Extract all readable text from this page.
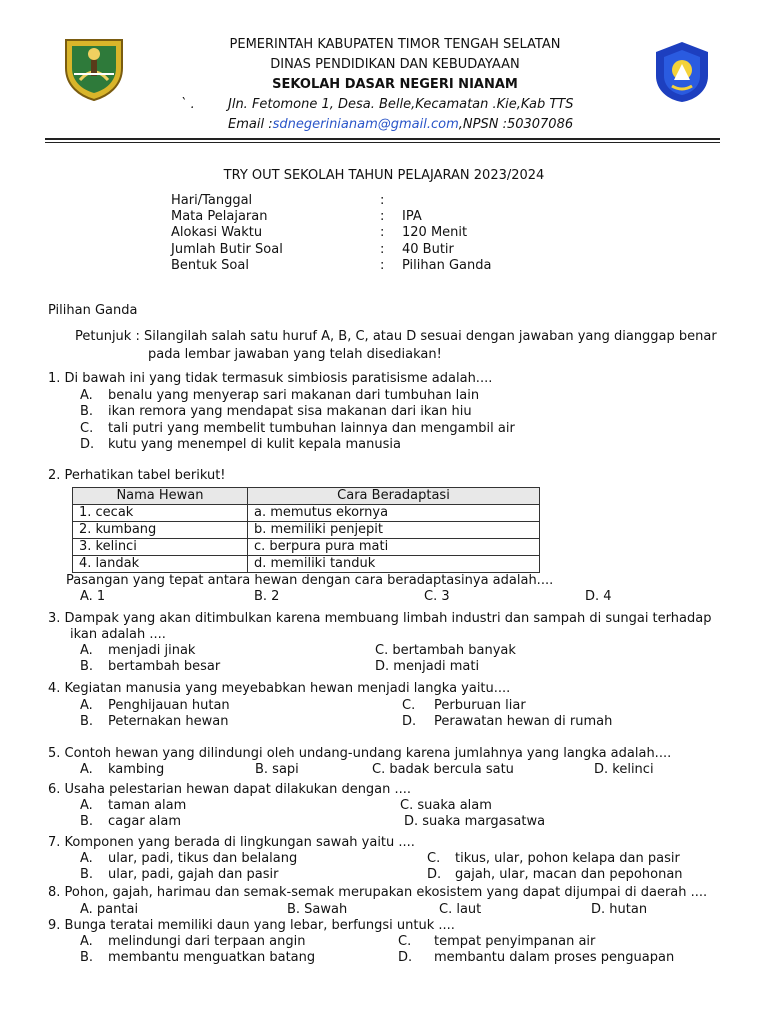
PEMERINTAH KABUPATEN TIMOR TENGAH SELATAN
DINAS PENDIDIKAN DAN KEBUDAYAAN
SEKOLAH DASAR NEGERI NIANAM
` .	Jln. Fetomone 1, Desa. Belle,Kecamatan .Kie,Kab TTS
Email :sdnegerinianam@gmail.com,NPSN :50307086
TRY OUT SEKOLAH TAHUN PELAJARAN 2023/2024
Hari/Tanggal	:
Mata Pelajaran	: IPA
Alokasi Waktu	: 120 Menit
Jumlah Butir Soal	: 40 Butir
Bentuk Soal	: Pilihan Ganda
Pilihan Ganda
Petunjuk : Silangilah salah satu huruf A, B, C, atau D sesuai dengan jawaban yang dianggap benar
pada lembar jawaban yang telah disediakan!
1. Di bawah ini yang tidak termasuk simbiosis paratisisme adalah....
A. benalu yang menyerap sari makanan dari tumbuhan lain
B. ikan remora yang mendapat sisa makanan dari ikan hiu
C. tali putri yang membelit tumbuhan lainnya dan mengambil air
D. kutu yang menempel di kulit kepala manusia
2. Perhatikan tabel berikut!
Nama Hewan	Cara Beradaptasi
1. cecak	a. memutus ekornya
2. kumbang	b. memiliki penjepit
3. kelinci	c. berpura pura mati
4. landak	d. memiliki tanduk
Pasangan yang tepat antara hewan dengan cara beradaptasinya adalah....
A. 1	B. 2	C. 3	D. 4
3. Dampak yang akan ditimbulkan karena membuang limbah industri dan sampah di sungai terhadap
ikan adalah ....
A. menjadi jinak
B. bertambah besar
C. bertambah banyak
D. menjadi mati
4. Kegiatan manusia yang meyebabkan hewan menjadi langka yaitu....
A. Penghijauan hutan
B. Peternakan hewan
C. Perburuan liar
D. Perawatan hewan di rumah
5. Contoh hewan yang dilindungi oleh undang-undang karena jumlahnya yang langka adalah....
A. kambing	B. sapi	C. badak bercula satu	D. kelinci
6. Usaha pelestarian hewan dapat dilakukan dengan ....
A. taman alam
B. cagar alam
C. suaka alam
D. suaka margasatwa
7. Komponen yang berada di lingkungan sawah yaitu ....
A. ular, padi, tikus dan belalang
B. ular, padi, gajah dan pasir
C. tikus, ular, pohon kelapa dan pasir
D. gajah, ular, macan dan pepohonan
8. Pohon, gajah, harimau dan semak-semak merupakan ekosistem yang dapat dijumpai di daerah ....
A. pantai	B. Sawah	C. laut	D. hutan
9. Bunga teratai memiliki daun yang lebar, berfungsi untuk ....
A. melindungi dari terpaan angin
B. membantu menguatkan batang
C. tempat penyimpanan air
D. membantu dalam proses penguapan
